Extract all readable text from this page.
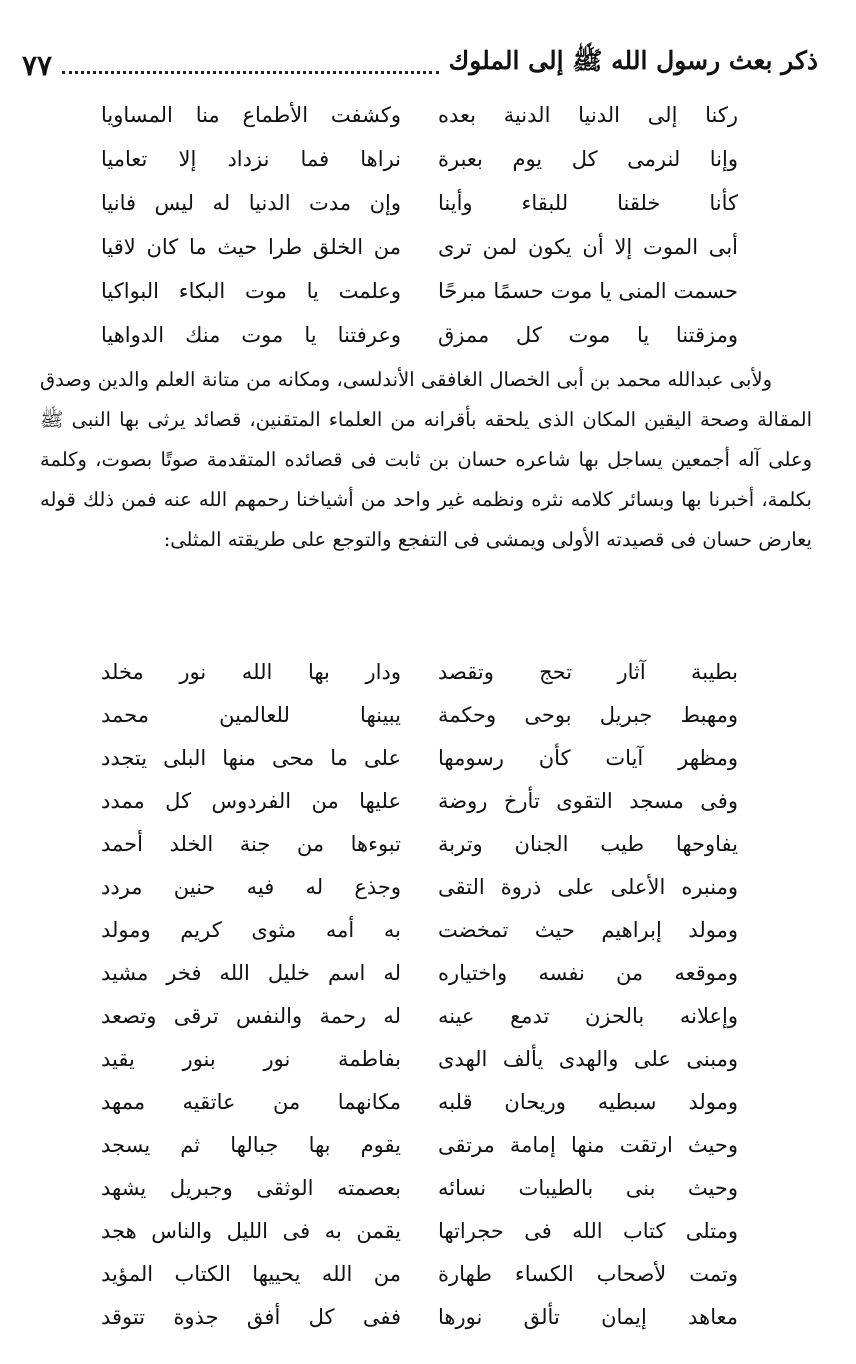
ذكر بعث رسول الله ﷺ إلى الملوك
٧٧
ركنا إلى الدنيا الدنية بعده
وكشفت الأطماع منا المساويا
وإنا لنرمى كل يوم بعبرة
نراها فما نزداد إلا تعاميا
كأنا خلقنا للبقاء وأينا
وإن مدت الدنيا له ليس فانيا
أبى الموت إلا أن يكون لمن ترى
من الخلق طرا حيث ما كان لاقيا
حسمت المنى يا موت حسمًا مبرحًا
وعلمت يا موت البكاء البواكيا
ومزقتنا يا موت كل ممزق
وعرفتنا يا موت منك الدواهيا

ولأبى عبدالله محمد بن أبى الخصال الغافقى الأندلسى، ومكانه من متانة العلم والدين وصدق المقالة وصحة اليقين المكان الذى يلحقه بأقرانه من العلماء المتقنين، قصائد يرثى بها النبى ﷺ وعلى آله أجمعين يساجل بها شاعره حسان بن ثابت فى قصائده المتقدمة صوتًا بصوت، وكلمة بكلمة، أخبرنا بها وبسائر كلامه نثره ونظمه غير واحد من أشياخنا رحمهم الله عنه فمن ذلك قوله يعارض حسان فى قصيدته الأولى ويمشى فى التفجع والتوجع على طريقته المثلى:

بطيبة آثار تحج وتقصد
ودار بها الله نور مخلد
ومهبط جبريل بوحى وحكمة
يبينها للعالمين محمد
ومظهر آيات كأن رسومها
على ما محى منها البلى يتجدد
وفى مسجد التقوى تأرخ روضة
عليها من الفردوس كل ممدد
يفاوحها طيب الجنان وتربة
تبوءها من جنة الخلد أحمد
ومنبره الأعلى على ذروة التقى
وجذع له فيه حنين مردد
ومولد إبراهيم حيث تمخضت
به أمه مثوى كريم ومولد
وموقعه من نفسه واختياره
له اسم خليل الله فخر مشيد
وإعلانه بالحزن تدمع عينه
له رحمة والنفس ترقى وتصعد
ومبنى على والهدى يألف الهدى
بفاطمة نور بنور يقيد
ومولد سبطيه وريحان قلبه
مكانهما من عاتقيه ممهد
وحيث ارتقت منها إمامة مرتقى
يقوم بها جبالها ثم يسجد
وحيث بنى بالطيبات نسائه
بعصمته الوثقى وجبريل يشهد
ومتلى كتاب الله فى حجراتها
يقمن به فى الليل والناس هجد
وتمت لأصحاب الكساء طهارة
من الله يحييها الكتاب المؤيد
معاهد إيمان تألق نورها
ففى كل أفق جذوة تتوقد
